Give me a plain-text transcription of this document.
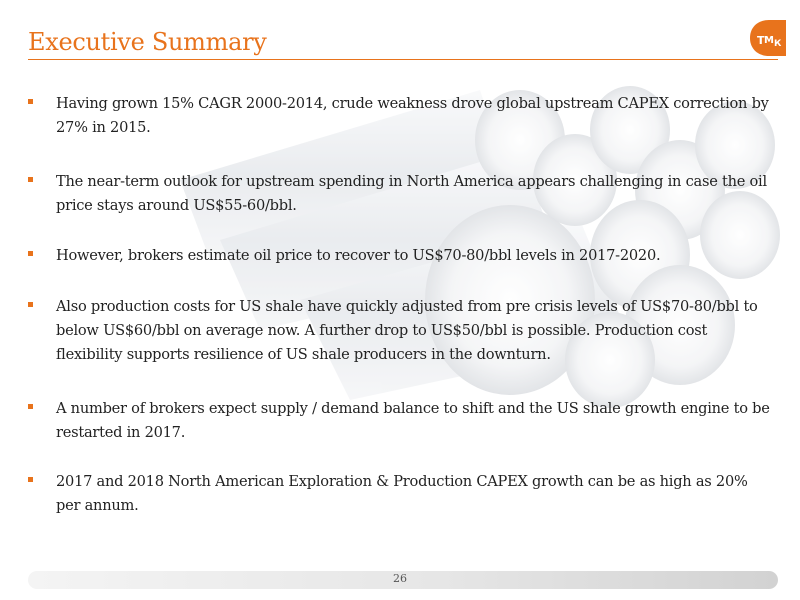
Executive Summary	Т М К
Having grown 15% CAGR 2000-2014, crude weakness drove global upstream CAPEX correction by 27% in 2015.
The near-term outlook for upstream spending in North America appears challenging in case the oil price stays around US$55-60/bbl.
However, brokers estimate oil price to recover to US$70-80/bbl levels in 2017-2020.
Also production costs for US shale have quickly adjusted from pre crisis levels of US$70-80/bbl to below US$60/bbl on average now. A further drop to US$50/bbl is possible. Production cost flexibility supports resilience of US shale producers in the downturn.
A number of brokers expect supply / demand balance to shift and the US shale growth engine to be restarted in 2017.
2017 and 2018 North American Exploration & Production CAPEX growth can be as high as 20% per annum.
26
